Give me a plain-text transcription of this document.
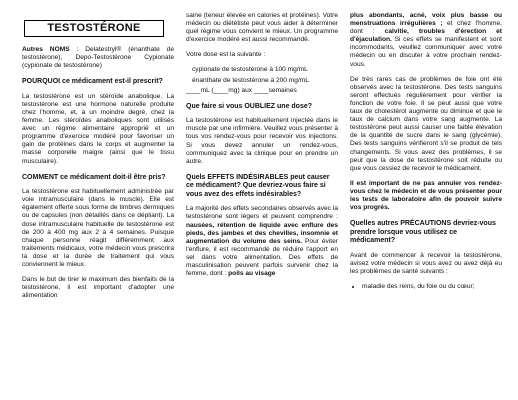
TESTOSTÉRONE

Autres NOMS : Delatestryl® (énanthate de testostérone), Depo-Testostérone Cypionate (cypionate de testostérone)

POURQUOI ce médicament est-il prescrit?

La testostérone est un stéroïde anabolique. La testostérone est une hormone naturelle produite chez l'homme, et, à un moindre degré, chez la femme. Les stéroïdes anaboliques sont utilisés avec un régime alimentaire approprié et un programme d'exercice modéré pour favoriser un gain de protéines dans le corps et augmenter la masse corporelle maigre (ainsi que le tissu musculaire).

COMMENT ce médicament doit-il être pris?

La testostérone est habituellement administrée par voie intramusculaire (dans le muscle). Elle est également offerte sous forme de timbres dermiques ou de capsules (non détaillés dans ce dépliant). La dose intramusculaire habituelle de testostérone est de 200 à 400 mg aux 2 à 4 semaines. Puisque chaque personne réagit différemment aux traitements médicaux, votre médecin vous prescrira la dose et la durée de traitement qui vous conviennent le mieux.

Dans le but de tirer le maximum des bienfaits de la testostérone, il est important d'adopter une alimentation

saine (teneur élevée en calories et protéines). Votre médecin ou diététiste peut vous aider à déterminer quel régime vous convient le mieux. Un programme d'exercice modéré est aussi recommandé.

Votre dose est la suivante :

cypionate de testostérone à 100 mg/mL

énanthate de testostérone à 200 mg/mL

____mL (____mg) aux ____semaines

Que faire si vous OUBLIEZ une dose?

La testostérone est habituellement injectée dans le muscle par une infirmière. Veuillez vous présenter à tous vos rendez-vous pour recevoir vos injections. Si vous devez annuler un rendez-vous, communiquez avec la clinique pour en prendre un autre.

Quels EFFETS INDÉSIRABLES peut causer ce médicament? Que devriez-vous faire si vous avez des effets indésirables?

La majorité des effets secondaires observés avec la testostérone sont légers et peuvent comprendre : nausées, rétention de liquide avec enflure des pieds, des jambes et des chevilles, insomnie et augmentation du volume des seins. Pour éviter l'enflure, il est recommandé de réduire l'apport en sel dans votre alimentation. Des effets de masculinisation peuvent parfois survenir chez la femme, dont : poils au visage

plus abondants, acné, voix plus basse ou menstruations irrégulières ; et chez l'homme, dont : calvitie, troubles d'érection et d'éjaculation. Si ces effets se manifestent et sont incommodants, veuillez communiquer avec votre médecin ou en discuter à votre prochain rendez-vous.

De très rares cas de problèmes de foie ont été observés avec la testostérone. Des tests sanguins seront effectués régulièrement pour vérifier la fonction de votre foie. Il se peut aussi que votre taux de cholestérol augmente ou diminue et que le taux de calcium dans votre sang augmente. La testostérone peut aussi causer une faible élévation de la quantité de sucre dans le sang (glycémie). Des tests sanguins vérifieront s'il se produit de tels changements. Si vous avez des problèmes, il se peut que la dose de testostérone soit réduite ou que vous cessiez de recevoir le médicament.

Il est important de ne pas annuler vos rendez-vous chez le médecin et de vous présenter pour les tests de laboratoire afin de pouvoir suivre vos progrès.

Quelles autres PRÉCAUTIONS devriez-vous prendre lorsque vous utilisez ce médicament?

Avant de commencer à recevoir la testostérone, avisez votre médecin si vous avez ou avez déjà eu les problèmes de santé suivants :

• maladie des reins, du foie ou du cœur;
